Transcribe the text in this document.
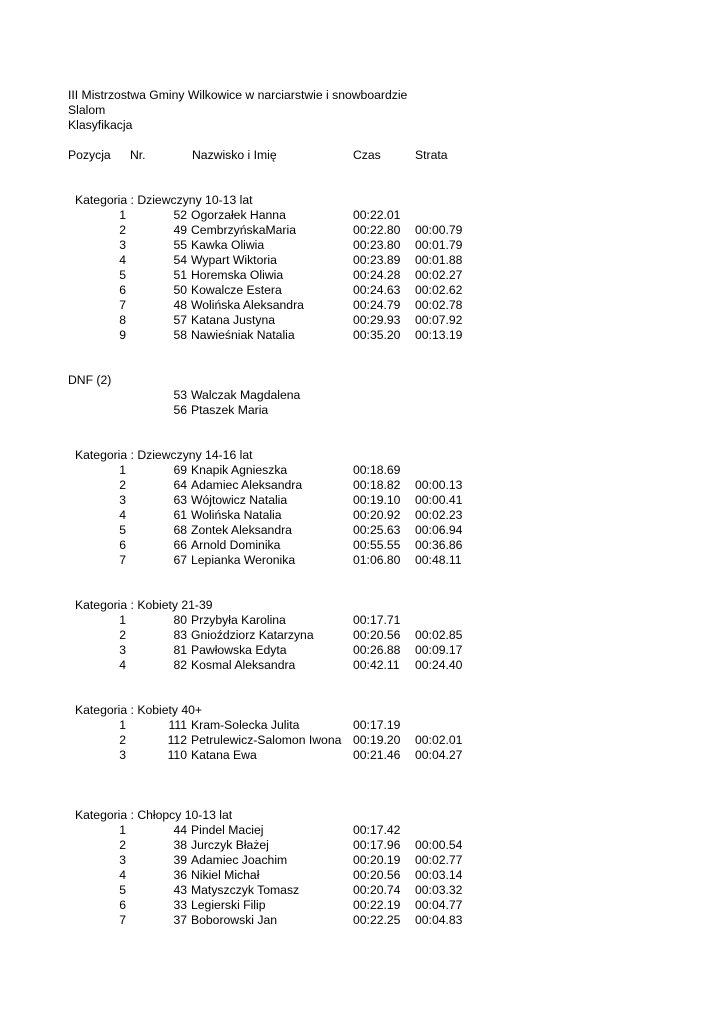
III Mistrzostwa Gminy Wilkowice w narciarstwie i snowboardzie
Slalom
Klasyfikacja
Pozycja Nr.	Nazwisko i Imię	Czas	Strata
Kategoria : Dziewczyny 10-13 lat
1	52 Ogorzałek Hanna	00:22.01
2	49 CembrzyńskaMaria	00:22.80 00:00.79
3	55 Kawka Oliwia	00:23.80 00:01.79
4	54 Wypart Wiktoria	00:23.89 00:01.88
5	51 Horemska Oliwia	00:24.28 00:02.27
6	50 Kowalcze Estera	00:24.63 00:02.62
7	48 Wolińska Aleksandra	00:24.79 00:02.78
8	57 Katana Justyna	00:29.93 00:07.92
9	58 Nawieśniak Natalia	00:35.20 00:13.19
DNF (2)
53 Walczak Magdalena
56 Ptaszek Maria
Kategoria : Dziewczyny 14-16 lat
1	69 Knapik Agnieszka	00:18.69
2	64 Adamiec Aleksandra	00:18.82 00:00.13
3	63 Wójtowicz Natalia	00:19.10 00:00.41
4	61 Wolińska Natalia	00:20.92 00:02.23
5	68 Zontek Aleksandra	00:25.63 00:06.94
6	66 Arnold Dominika	00:55.55 00:36.86
7	67 Lepianka Weronika	01:06.80 00:48.11
Kategoria : Kobiety 21-39
1	80 Przybyła Karolina	00:17.71
2	83 Gnioździorz Katarzyna	00:20.56 00:02.85
3	81 Pawłowska Edyta	00:26.88 00:09.17
4	82 Kosmal Aleksandra	00:42.11 00:24.40
Kategoria : Kobiety 40+
1	111 Kram-Solecka Julita	00:17.19
2	112 Petrulewicz-Salomon Iwona 00:19.20 00:02.01
3	110 Katana Ewa	00:21.46 00:04.27
Kategoria : Chłopcy 10-13 lat
1	44 Pindel Maciej	00:17.42
2	38 Jurczyk Błażej	00:17.96 00:00.54
3	39 Adamiec Joachim	00:20.19 00:02.77
4	36 Nikiel Michał	00:20.56 00:03.14
5	43 Matyszczyk Tomasz	00:20.74 00:03.32
6	33 Legierski Filip	00:22.19 00:04.77
7	37 Boborowski Jan	00:22.25 00:04.83
